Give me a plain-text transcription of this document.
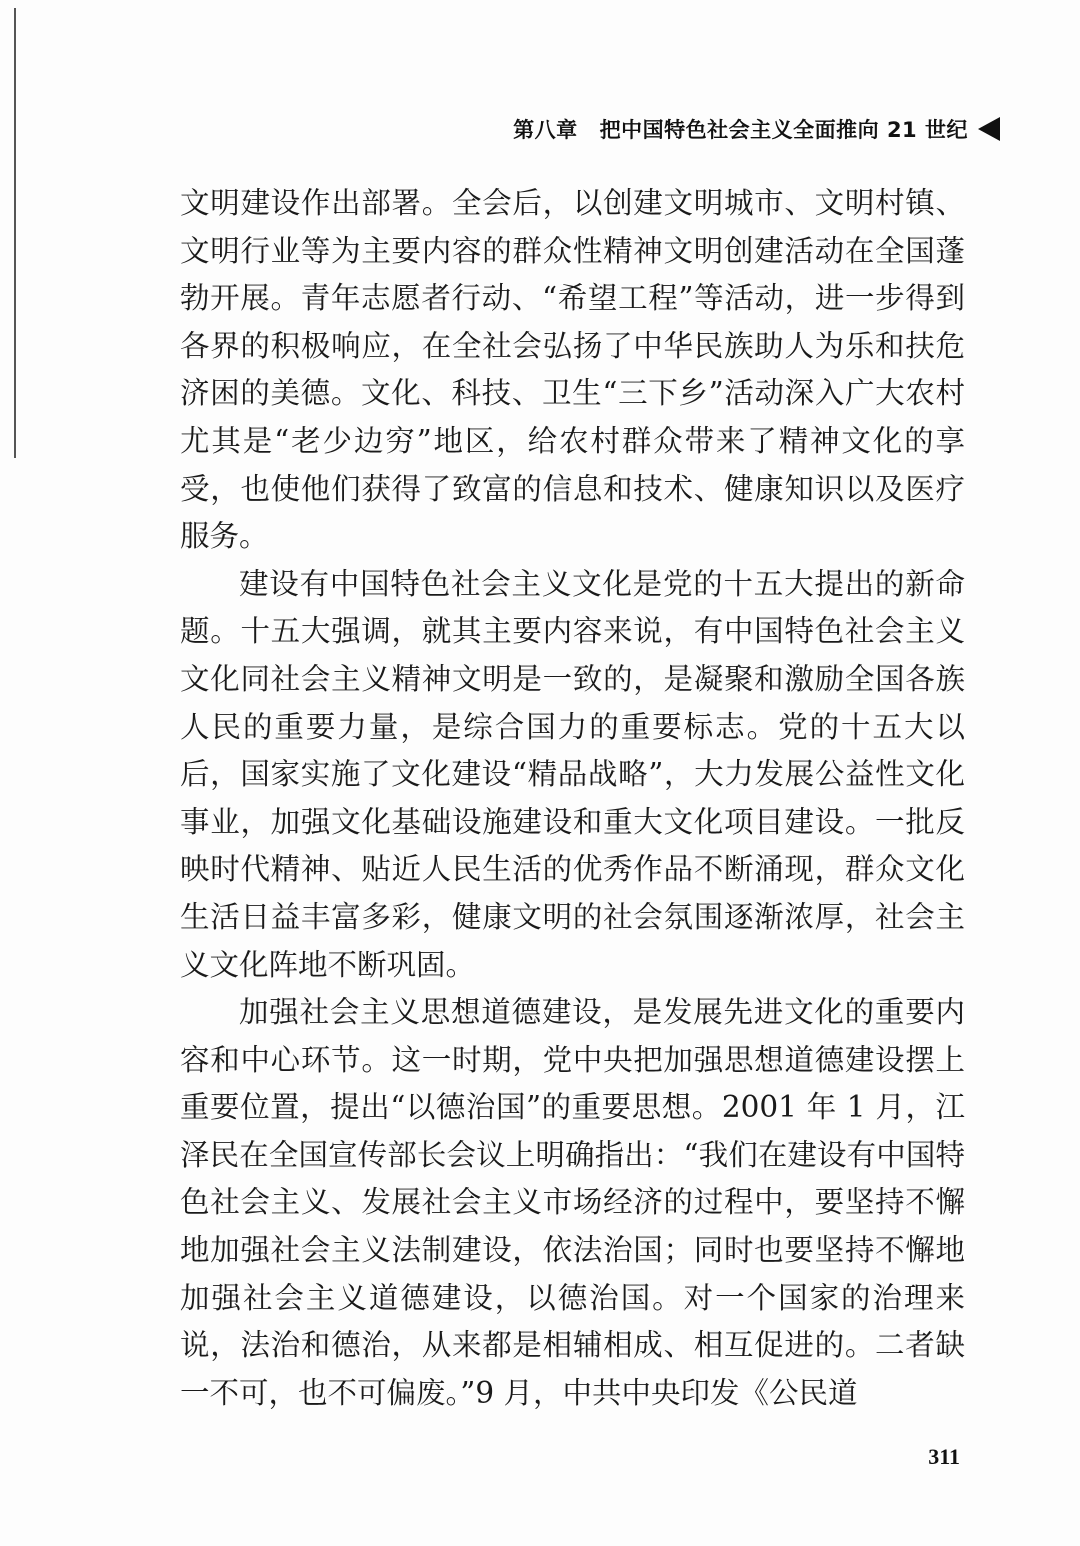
第八章 把中国特色社会主义全面推向 21 世纪

文明建设作出部署。全会后，以创建文明城市、文明村镇、文明行业等为主要内容的群众性精神文明创建活动在全国蓬勃开展。青年志愿者行动、“希望工程”等活动，进一步得到各界的积极响应，在全社会弘扬了中华民族助人为乐和扶危济困的美德。文化、科技、卫生“三下乡”活动深入广大农村尤其是“老少边穷”地区，给农村群众带来了精神文化的享受，也使他们获得了致富的信息和技术、健康知识以及医疗服务。

建设有中国特色社会主义文化是党的十五大提出的新命题。十五大强调，就其主要内容来说，有中国特色社会主义文化同社会主义精神文明是一致的，是凝聚和激励全国各族人民的重要力量，是综合国力的重要标志。党的十五大以后，国家实施了文化建设“精品战略”，大力发展公益性文化事业，加强文化基础设施建设和重大文化项目建设。一批反映时代精神、贴近人民生活的优秀作品不断涌现，群众文化生活日益丰富多彩，健康文明的社会氛围逐渐浓厚，社会主义文化阵地不断巩固。

加强社会主义思想道德建设，是发展先进文化的重要内容和中心环节。这一时期，党中央把加强思想道德建设摆上重要位置，提出“以德治国”的重要思想。2001 年 1 月，江泽民在全国宣传部长会议上明确指出：“我们在建设有中国特色社会主义、发展社会主义市场经济的过程中，要坚持不懈地加强社会主义法制建设，依法治国；同时也要坚持不懈地加强社会主义道德建设，以德治国。对一个国家的治理来说，法治和德治，从来都是相辅相成、相互促进的。二者缺一不可，也不可偏废。”9 月，中共中央印发《公民道

311
